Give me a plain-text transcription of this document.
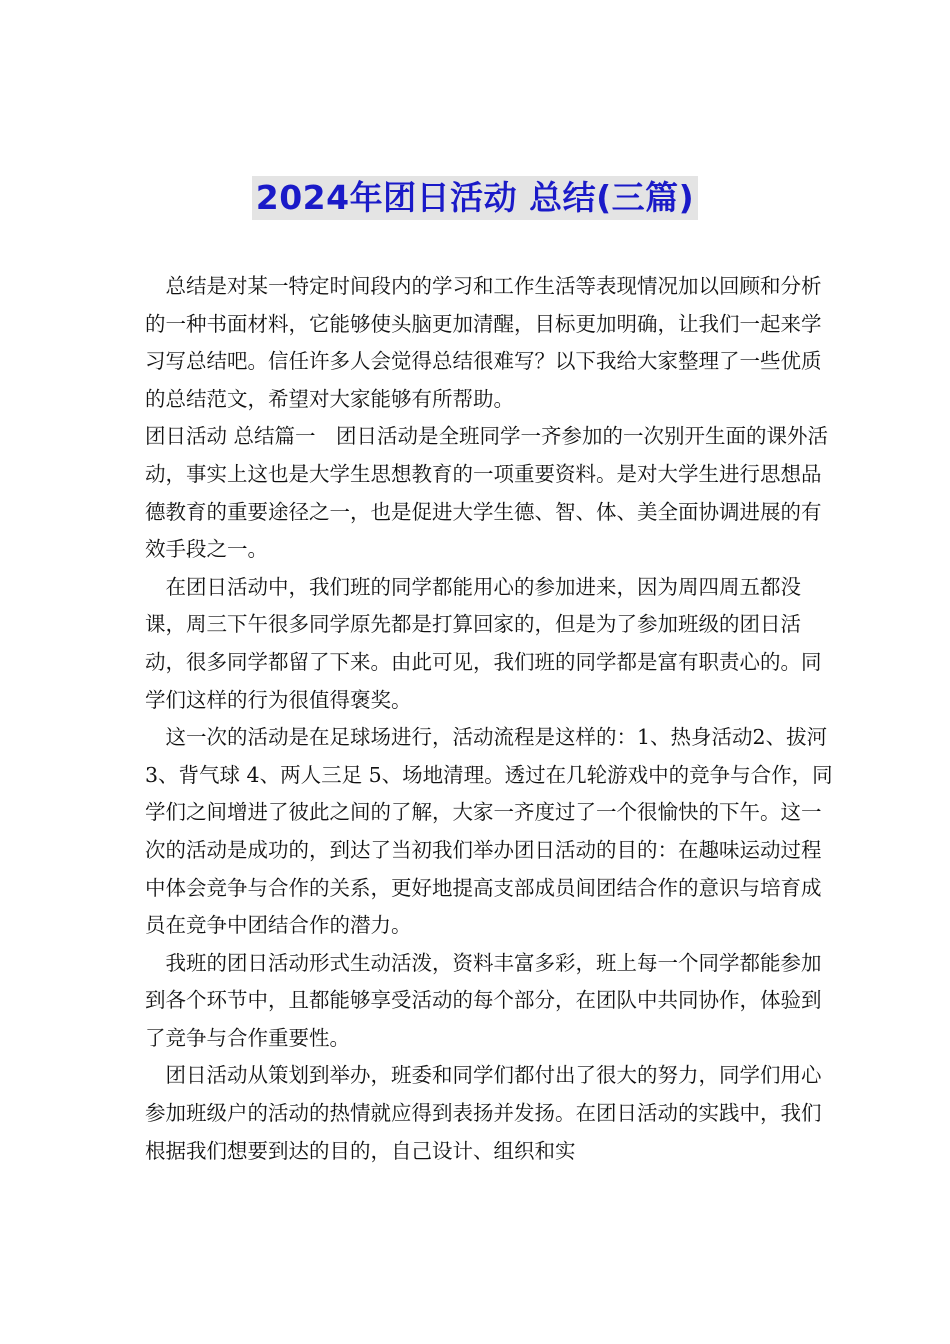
2024年团日活动 总结(三篇)

　总结是对某一特定时间段内的学习和工作生活等表现情况加以回顾和分析的一种书面材料，它能够使头脑更加清醒，目标更加明确，让我们一起来学习写总结吧。信任许多人会觉得总结很难写？以下我给大家整理了一些优质的总结范文，希望对大家能够有所帮助。

团日活动 总结篇一　团日活动是全班同学一齐参加的一次别开生面的课外活动，事实上这也是大学生思想教育的一项重要资料。是对大学生进行思想品德教育的重要途径之一，也是促进大学生德、智、体、美全面协调进展的有效手段之一。

　在团日活动中，我们班的同学都能用心的参加进来，因为周四周五都没课，周三下午很多同学原先都是打算回家的，但是为了参加班级的团日活动，很多同学都留了下来。由此可见，我们班的同学都是富有职责心的。同学们这样的行为很值得褒奖。

　这一次的活动是在足球场进行，活动流程是这样的：1、热身活动2、拔河 3、背气球 4、两人三足 5、场地清理。透过在几轮游戏中的竞争与合作，同学们之间增进了彼此之间的了解，大家一齐度过了一个很愉快的下午。这一次的活动是成功的，到达了当初我们举办团日活动的目的：在趣味运动过程中体会竞争与合作的关系，更好地提高支部成员间团结合作的意识与培育成员在竞争中团结合作的潜力。

　我班的团日活动形式生动活泼，资料丰富多彩，班上每一个同学都能参加到各个环节中，且都能够享受活动的每个部分，在团队中共同协作，体验到了竞争与合作重要性。

　团日活动从策划到举办，班委和同学们都付出了很大的努力，同学们用心参加班级户的活动的热情就应得到表扬并发扬。在团日活动的实践中，我们根据我们想要到达的目的，自己设计、组织和实
